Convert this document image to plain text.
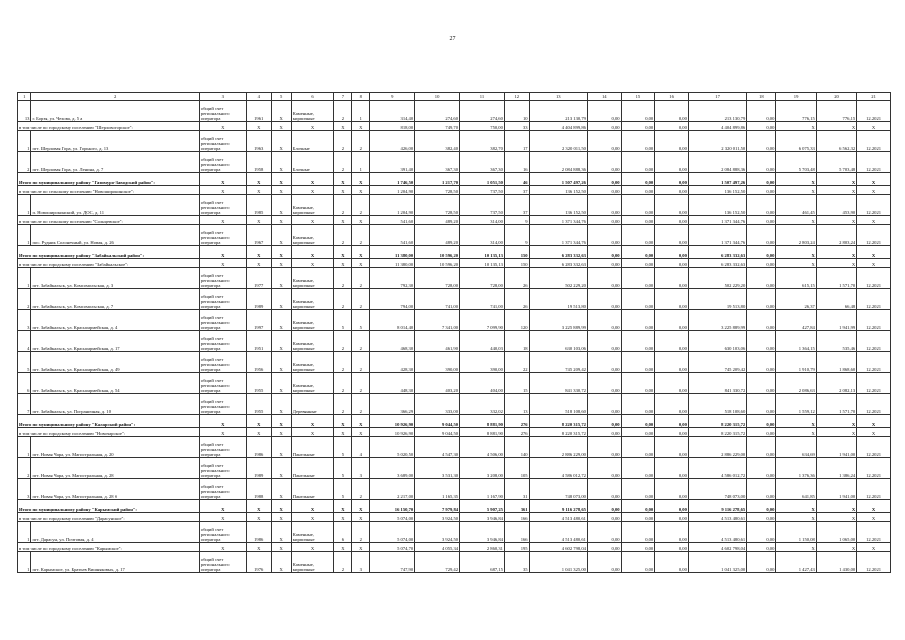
27
1	2	3	4	5	6	7	8	9	10	11	12	13	14	15	16	17	18	19	20	21
13	г. Борзя, ул. Чехова, д. 5 а	общий счет регионального оператора	1961	X	Каменные, кирпичные	2	1	314,40	274,60	274,60	10	213 130,79	0,00	0,00	0,00	213 130,79	0,00	776,15	776,15	12.2021
в том числе по городскому поселению "Шерловогорское":		X	X	X	X	X	X	818,00	749,70	750,00	33	4 404 899,86	0,00	0,00	0,00	4 404 899,86	0,00	X	X	X
1	пгт. Шерловая Гора, ул. Горького, д. 13	общий счет регионального оператора	1963	X	Блочные	2	2	426,00	382,40	382,70	17	2 320 011,50	0,00	0,00	0,00	2 320 011,50	0,00	6 075,33	6 562,32	12.2021
2	пгт. Шерловая Гора, ул. Ленина, д. 7	общий счет регионального оператора	1958	X	Блочные	2	1	391,40	367,30	367,30	16	2 084 888,36	0,00	0,00	0,00	2 084 888,36	0,00	5 703,48	5 703,48	12.2021
Итого по муниципальному району "Газимуро-Заводский район":		X	X	X	X	X	X	1 746,50	1 217,70	1 051,50	46	1 507 497,26	0,00	0,00	0,00	1 507 497,26	0,00	X	X	X
в том числе по сельскому поселению "Новоширокинское":		X	X	X	X	X	X	1 204,90	728,50	737,50	37	136 152,50	0,00	0,00	0,00	136 152,50	0,00	X	X	X
1	п. Новоширокинский, ул. ДОС, д. 11	общий счет регионального оператора	1985	X	Каменные, кирпичные	2	2	1 204,90	728,50	737,50	37	136 152,50	0,00	0,00	0,00	136 152,50	0,00	461,45	453,90	12.2021
в том числе по сельскому поселению "Солнцевское":		X	X	X	X	X	X	541,60	489,20	314,00	9	1 371 344,76	0,00	0,00	0,00	1 371 344,76	0,00	X	X	X
1	пос. Рудник Солонечный, ул. Новая, д. 26	общий счет регионального оператора	1967	X	Каменные, кирпичные	2	2	541,60	489,20	314,00	9	1 371 344,76	0,00	0,00	0,00	1 371 344,76	0,00	2 803,24	2 803,24	12.2021
Итого по муниципальному району "Забайкальский район":		X	X	X	X	X	X	11 380,00	10 596,20	10 135,13	150	6 283 332,63	0,00	0,00	0,00	6 283 332,63	0,00	X	X	X
в том числе по городскому поселению "Забайкальское":		X	X	X	X	X	X	11 380,00	10 596,20	10 135,13	150	6 283 332,63	0,00	0,00	0,00	6 283 332,63	0,00	X	X	X
1	пгт. Забайкальск, ул. Комсомольская, д. 3	общий счет регионального оператора	1977	X	Каменные, кирпичные	2	2	792,30	728,00	728,00	26	502 229,20	0,00	0,00	0,00	502 229,20	0,00	615,15	1 571,70	12.2021
2	пгт. Забайкальск, ул. Комсомольская, д. 7	общий счет регионального оператора	1989	X	Каменные, кирпичные	2	2	794,00	741,00	741,00	26	19 513,80	0,00	0,00	0,00	19 513,80	0,00	26,37	66,48	12.2021
3	пгт. Забайкальск, ул. Красноармейская, д. 4	общий счет регионального оператора	1997	X	Каменные, кирпичные	5	5	8 014,40	7 341,00	7 099,90	120	3 225 889,99	0,00	0,00	0,00	3 225 889,99	0,00	427,84	1 941,99	12.2021
4	пгт. Забайкальск, ул. Красноармейская, д. 17	общий счет регионального оператора	1951	X	Каменные, кирпичные	2	2	468,30	461,90	440,03	18	630 103,06	0,00	0,00	0,00	630 103,06	0,00	1 364,15	535,46	12.2021
5	пгт. Забайкальск, ул. Красноармейская, д. 49	общий счет регионального оператора	1956	X	Каменные, кирпичные	2	2	428,30	390,00	390,00	22	745 209,42	0,00	0,00	0,00	745 209,42	0,00	1 910,79	1 868,60	12.2021
6	пгт. Забайкальск, ул. Красноармейская, д. 54	общий счет регионального оператора	1955	X	Каменные, кирпичные	2	2	448,30	403,20	404,00	15	841 330,72	0,00	0,00	0,00	841 330,72	0,00	2 086,63	2 082,13	12.2021
7	пгт. Забайкальск, ул. Пограничная, д. 10	общий счет регионального оператора	1955	X	Деревянные	2	2	366,29	333,00	332,02	13	518 108,60	0,00	0,00	0,00	518 108,60	0,00	1 559,12	1 571,70	12.2021
Итого по муниципальному району "Каларский район":		X	X	X	X	X	X	10 926,90	9 044,50	8 881,90	276	8 220 315,72	0,00	0,00	0,00	8 220 315,72	0,00	X	X	X
в том числе по городскому поселению "Новочарское":		X	X	X	X	X	X	10 926,90	9 044,50	8 881,90	276	8 220 315,72	0,00	0,00	0,00	8 220 315,72	0,00	X	X	X
1	пгт. Новая Чара, ул. Магистральная, д. 20	общий счет регионального оператора	1986	X	Панельные	5	4	5 020,50	4 547,30	4 506,00	140	2 886 229,00	0,00	0,00	0,00	2 886 229,00	0,00	634,69	1 941,00	12.2021
2	пгт. Новая Чара, ул. Магистральная, д. 28	общий счет регионального оператора	1989	X	Панельные	5	3	3 689,00	3 531,30	3 208,00	105	4 586 012,72	0,00	0,00	0,00	4 586 012,72	0,00	1 376,36	1 386,24	12.2021
3	пгт. Новая Чара, ул. Магистральная, д. 28 б	общий счет регионального оператора	1988	X	Панельные	5	2	2 217,00	1 165,35	1 167,90	31	748 073,00	0,00	0,00	0,00	748 073,00	0,00	641,85	1 941,00	12.2021
Итого по муниципальному району "Карымский район":		X	X	X	X	X	X	16 150,70	7 979,84	5 907,25	361	9 116 278,65	0,00	0,00	0,00	9 116 278,65	0,00	X	X	X
в том числе по городскому поселению "Дарасунское":		X	X	X	X	X	X	5 074,00	3 924,50	3 946,84	166	4 513 480,61	0,00	0,00	0,00	4 513 480,61	0,00	X	X	X
1	пгт. Дарасун, ул. Почтовая, д. 4	общий счет регионального оператора	1986	X	Каменные, кирпичные	6	2	5 074,00	3 924,50	3 946,84	166	4 513 480,61	0,00	0,00	0,00	4 513 480,61	0,00	1 150,08	1 065,00	12.2021
в том числе по городскому поселению "Карымское":		X	X	X	X	X	X	5 074,70	4 055,34	2 860,31	195	4 602 798,04	0,00	0,00	0,00	4 602 798,04	0,00	X	X	X
1	пгт. Карымское, ул. Братьев Вишняковых, д. 17	общий счет регионального оператора	1976	X	Каменные, кирпичные	2	3	747,90	729,42	687,15	35	1 041 325,00	0,00	0,00	0,00	1 041 325,00	0,00	1 427,43	1 430,00	12.2021
